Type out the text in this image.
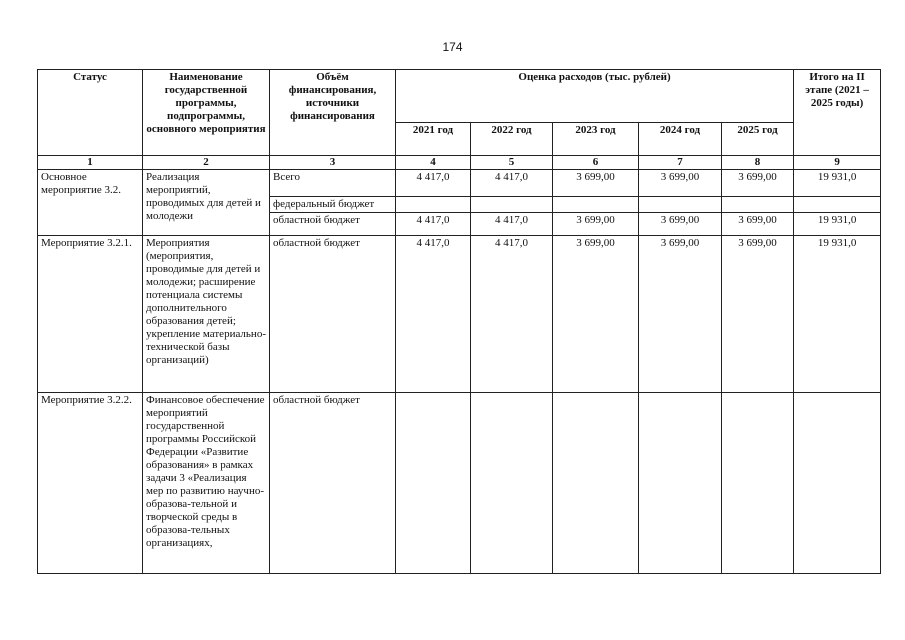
174
Статус	Наименование государственной программы, подпрограммы, основного мероприятия	Объём финансирования, источники финансирования	Оценка расходов (тыс. рублей)					Итого на II этапе (2021 – 2025 годы)
			2021 год	2022 год	2023 год	2024 год	2025 год	
1	2	3	4	5	6	7	8	9
Основное мероприятие 3.2.	Реализация мероприятий, проводимых для детей и молодежи	Всего	4 417,0	4 417,0	3 699,00	3 699,00	3 699,00	19 931,0
		федеральный бюджет						
		областной бюджет	4 417,0	4 417,0	3 699,00	3 699,00	3 699,00	19 931,0
Мероприятие 3.2.1.	Мероприятия (мероприятия, проводимые для детей и молодежи; расширение потенциала системы дополнительного образования детей; укрепление материально-технической базы организаций)	областной бюджет	4 417,0	4 417,0	3 699,00	3 699,00	3 699,00	19 931,0
Мероприятие 3.2.2.	Финансовое обеспечение мероприятий государственной программы Российской Федерации «Развитие образования» в рамках задачи 3 «Реализация мер по развитию научно-образова-тельной и творческой среды в образова-тельных организациях,	областной бюджет						
